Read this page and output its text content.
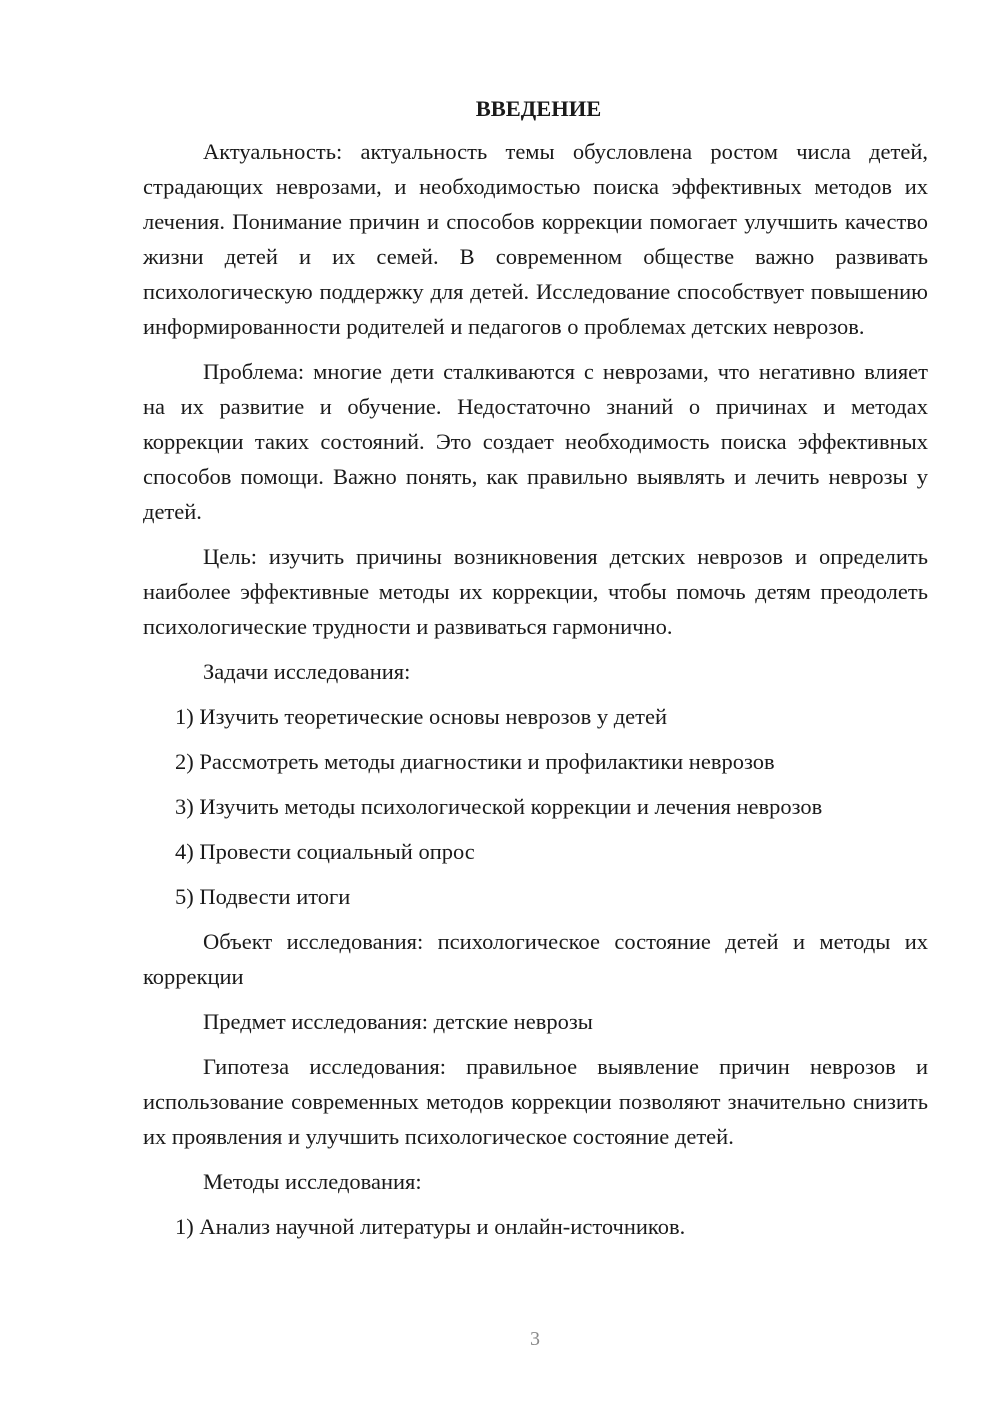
ВВЕДЕНИЕ
Актуальность: актуальность темы обусловлена ростом числа детей, страдающих неврозами, и необходимостью поиска эффективных методов их лечения. Понимание причин и способов коррекции помогает улучшить качество жизни детей и их семей. В современном обществе важно развивать психологическую поддержку для детей. Исследование способствует повышению информированности родителей и педагогов о проблемах детских неврозов.
Проблема: многие дети сталкиваются с неврозами, что негативно влияет на их развитие и обучение. Недостаточно знаний о причинах и методах коррекции таких состояний. Это создает необходимость поиска эффективных способов помощи. Важно понять, как правильно выявлять и лечить неврозы у детей.
Цель: изучить причины возникновения детских неврозов и определить наиболее эффективные методы их коррекции, чтобы помочь детям преодолеть психологические трудности и развиваться гармонично.
Задачи исследования:
1) Изучить теоретические основы неврозов у детей
2) Рассмотреть методы диагностики и профилактики неврозов
3) Изучить методы психологической коррекции и лечения неврозов
4) Провести социальный опрос
5) Подвести итоги
Объект исследования: психологическое состояние детей и методы их коррекции
Предмет исследования: детские неврозы
Гипотеза исследования: правильное выявление причин неврозов и использование современных методов коррекции позволяют значительно снизить их проявления и улучшить психологическое состояние детей.
Методы исследования:
1) Анализ научной литературы и онлайн-источников.
3
